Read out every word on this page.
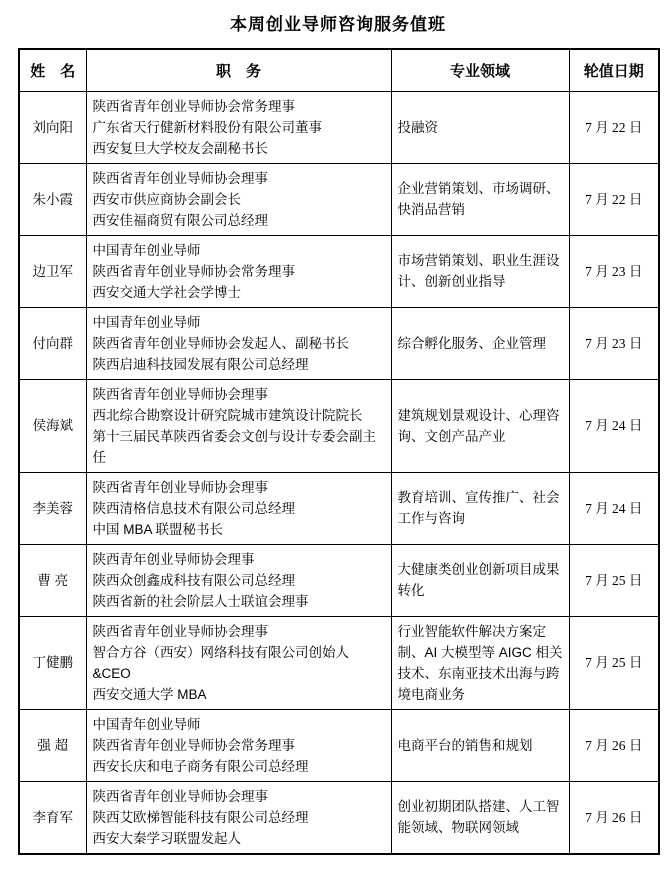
本周创业导师咨询服务值班
姓　名	职　务	专业领域	轮值日期
刘向阳	陕西省青年创业导师协会常务理事
广东省天行健新材料股份有限公司董事
西安复旦大学校友会副秘书长	投融资	7 月 22 日
朱小霞	陕西省青年创业导师协会理事
西安市供应商协会副会长
西安佳福商贸有限公司总经理	企业营销策划、市场调研、快消品营销	7 月 22 日
边卫军	中国青年创业导师
陕西省青年创业导师协会常务理事
西安交通大学社会学博士	市场营销策划、职业生涯设计、创新创业指导	7 月 23 日
付向群	中国青年创业导师
陕西省青年创业导师协会发起人、副秘书长
陕西启迪科技园发展有限公司总经理	综合孵化服务、企业管理	7 月 23 日
侯海斌	陕西省青年创业导师协会理事
西北综合勘察设计研究院城市建筑设计院院长
第十三届民革陕西省委会文创与设计专委会副主任	建筑规划景观设计、心理咨询、文创产品产业	7 月 24 日
李美蓉	陕西省青年创业导师协会理事
陕西清格信息技术有限公司总经理
中国 MBA 联盟秘书长	教育培训、宣传推广、社会工作与咨询	7 月 24 日
曹 亮	陕西青年创业导师协会理事
陕西众创鑫成科技有限公司总经理
陕西省新的社会阶层人士联谊会理事	大健康类创业创新项目成果转化	7 月 25 日
丁健鹏	陕西省青年创业导师协会理事
智合方谷（西安）网络科技有限公司创始人&CEO
西安交通大学 MBA	行业智能软件解决方案定制、AI 大模型等 AIGC 相关技术、东南亚技术出海与跨境电商业务	7 月 25 日
强 超	中国青年创业导师
陕西省青年创业导师协会常务理事
西安长庆和电子商务有限公司总经理	电商平台的销售和规划	7 月 26 日
李育军	陕西省青年创业导师协会理事
陕西艾欧梯智能科技有限公司总经理
西安大秦学习联盟发起人	创业初期团队搭建、人工智能领域、物联网领域	7 月 26 日
